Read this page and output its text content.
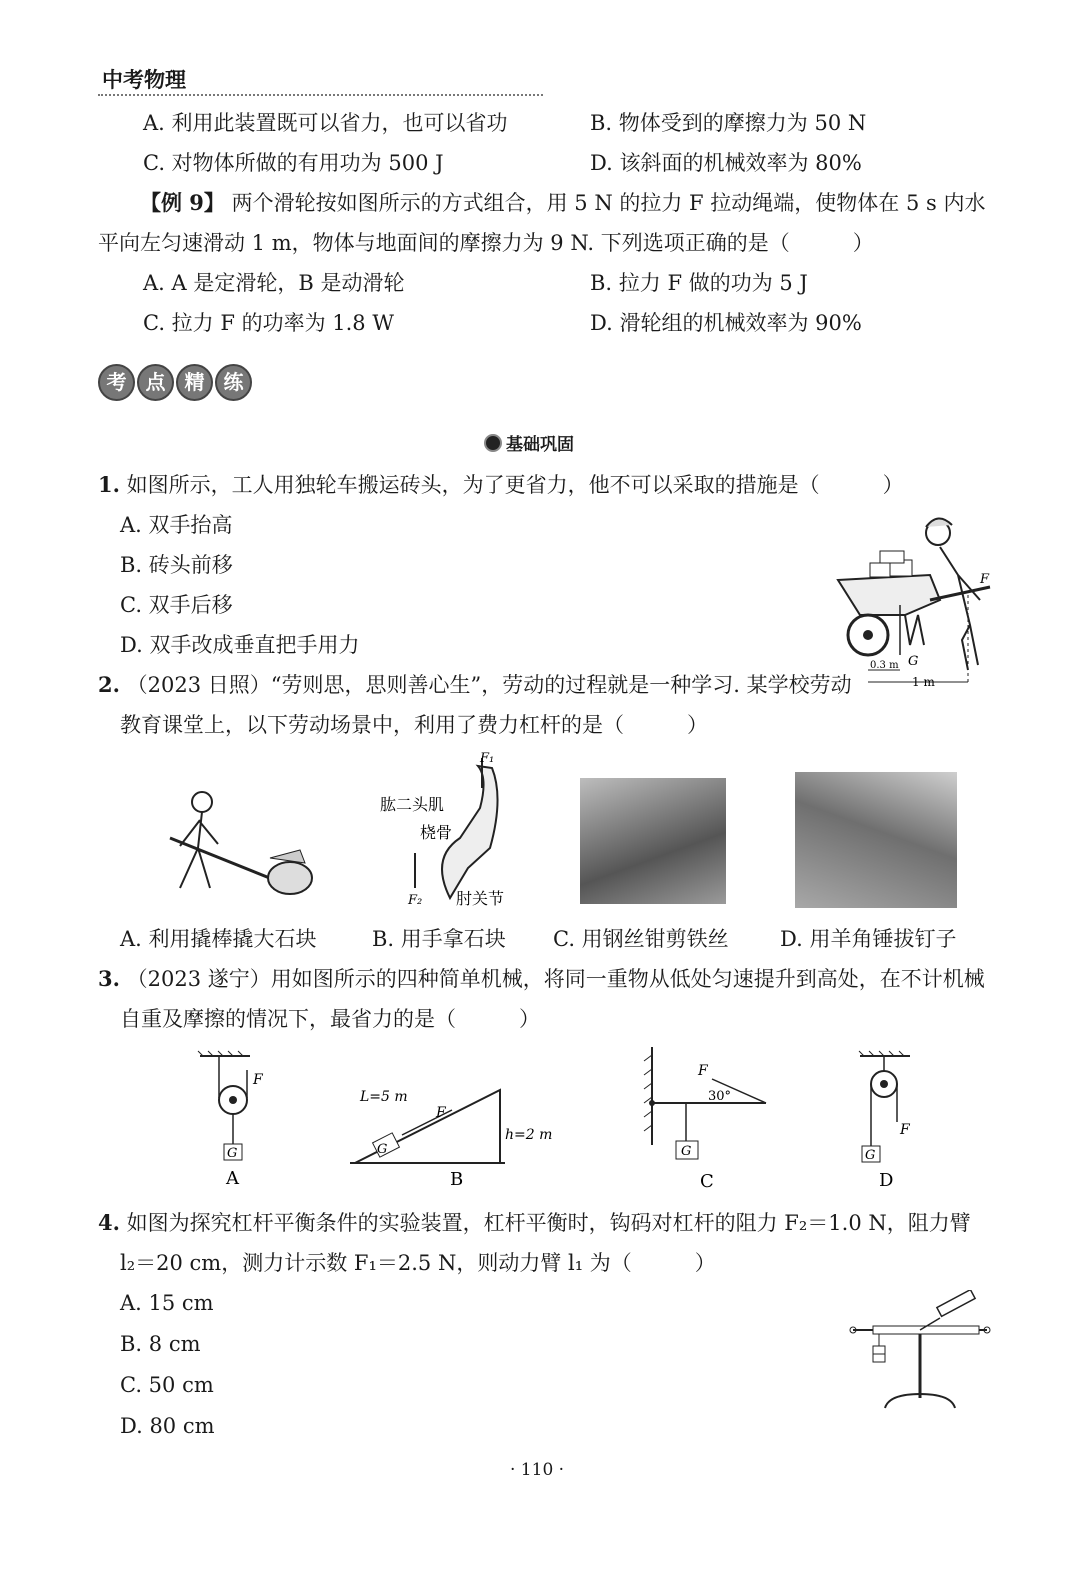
中考物理
A. 利用此装置既可以省力，也可以省功	B. 物体受到的摩擦力为 50 N
C. 对物体所做的有用功为 500 J	D. 该斜面的机械效率为 80%
【例 9】 两个滑轮按如图所示的方式组合，用 5 N 的拉力 F 拉动绳端，使物体在 5 s 内水
平向左匀速滑动 1 m，物体与地面间的摩擦力为 9 N. 下列选项正确的是（　　　）
A. A 是定滑轮，B 是动滑轮	B. 拉力 F 做的功为 5 J
C. 拉力 F 的功率为 1.8 W	D. 滑轮组的机械效率为 90%
考 点 精 练
基础巩固
1. 如图所示，工人用独轮车搬运砖头，为了更省力，他不可以采取的措施是（　　　）
A. 双手抬高
B. 砖头前移
C. 双手后移
D. 双手改成垂直把手用力
G
F
0.3 m
1 m
2. （2023 日照）“劳则思，思则善心生”，劳动的过程就是一种学习. 某学校劳动
教育课堂上，以下劳动场景中，利用了费力杠杆的是（　　　）
F₁
F₂
肱二头肌
桡骨
肘关节
A. 利用撬棒撬大石块	B. 用手拿石块 C. 用钢丝钳剪铁丝 D. 用羊角锤拔钉子
3. （2023 遂宁）用如图所示的四种简单机械，将同一重物从低处匀速提升到高处，在不计机械
自重及摩擦的情况下，最省力的是（　　　）
F
G
A
G
F
L=5 m
h=2 m
B
F
30°
G
C
F
G
D
4. 如图为探究杠杆平衡条件的实验装置，杠杆平衡时，钩码对杠杆的阻力 F₂＝1.0 N，阻力臂
l₂＝20 cm，测力计示数 F₁＝2.5 N，则动力臂 l₁ 为（　　　）
A. 15 cm
B. 8 cm
C. 50 cm
D. 80 cm
· 110 ·
